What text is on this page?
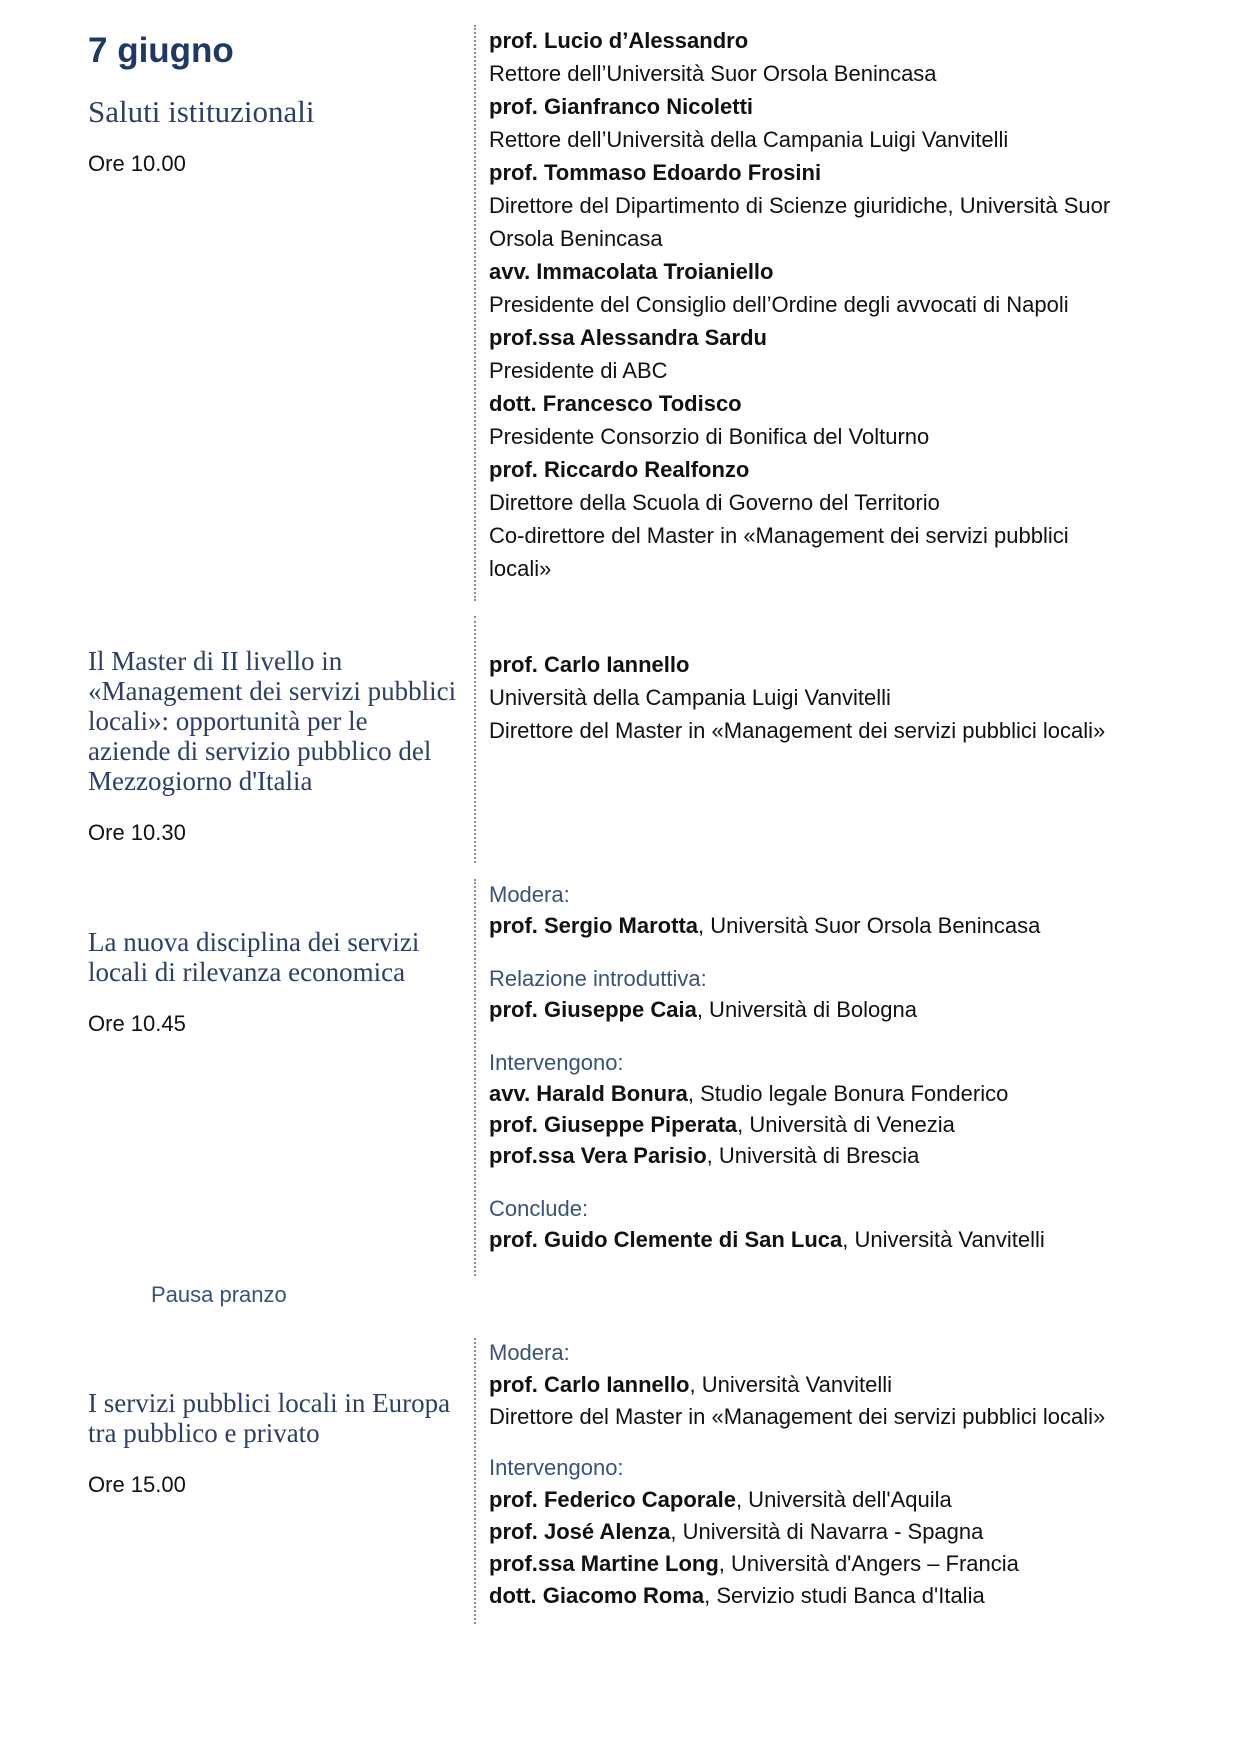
7 giugno
Saluti istituzionali
Ore 10.00
prof. Lucio d’Alessandro
Rettore dell’Università Suor Orsola Benincasa
prof. Gianfranco Nicoletti
Rettore dell’Università della Campania Luigi Vanvitelli
prof. Tommaso Edoardo Frosini
Direttore del Dipartimento di Scienze giuridiche, Università Suor Orsola Benincasa
avv. Immacolata Troianiello
Presidente del Consiglio dell’Ordine degli avvocati di Napoli
prof.ssa Alessandra Sardu
Presidente di ABC
dott. Francesco Todisco
Presidente Consorzio di Bonifica del Volturno
prof. Riccardo Realfonzo
Direttore della Scuola di Governo del Territorio
Co-direttore del Master in «Management dei servizi pubblici locali»
Il Master di II livello in
«Management dei servizi pubblici
locali»: opportunità per le
aziende di servizio pubblico del
Mezzogiorno d'Italia
Ore 10.30
prof. Carlo Iannello
Università della Campania Luigi Vanvitelli
Direttore del Master in «Management dei servizi pubblici locali»
La nuova disciplina dei servizi
locali di rilevanza economica
Ore 10.45
Modera:
prof. Sergio Marotta, Università Suor Orsola Benincasa
Relazione introduttiva:
prof. Giuseppe Caia, Università di Bologna
Intervengono:
avv. Harald Bonura, Studio legale Bonura Fonderico
prof. Giuseppe Piperata, Università di Venezia
prof.ssa Vera Parisio, Università di Brescia
Conclude:
prof. Guido Clemente di San Luca, Università Vanvitelli
Pausa pranzo
I servizi pubblici locali in Europa
tra pubblico e privato
Ore 15.00
Modera:
prof. Carlo Iannello, Università Vanvitelli
Direttore del Master in «Management dei servizi pubblici locali»
Intervengono:
prof. Federico Caporale, Università dell'Aquila
prof. José Alenza, Università di Navarra - Spagna
prof.ssa Martine Long, Università d'Angers – Francia
dott. Giacomo Roma, Servizio studi Banca d'Italia
